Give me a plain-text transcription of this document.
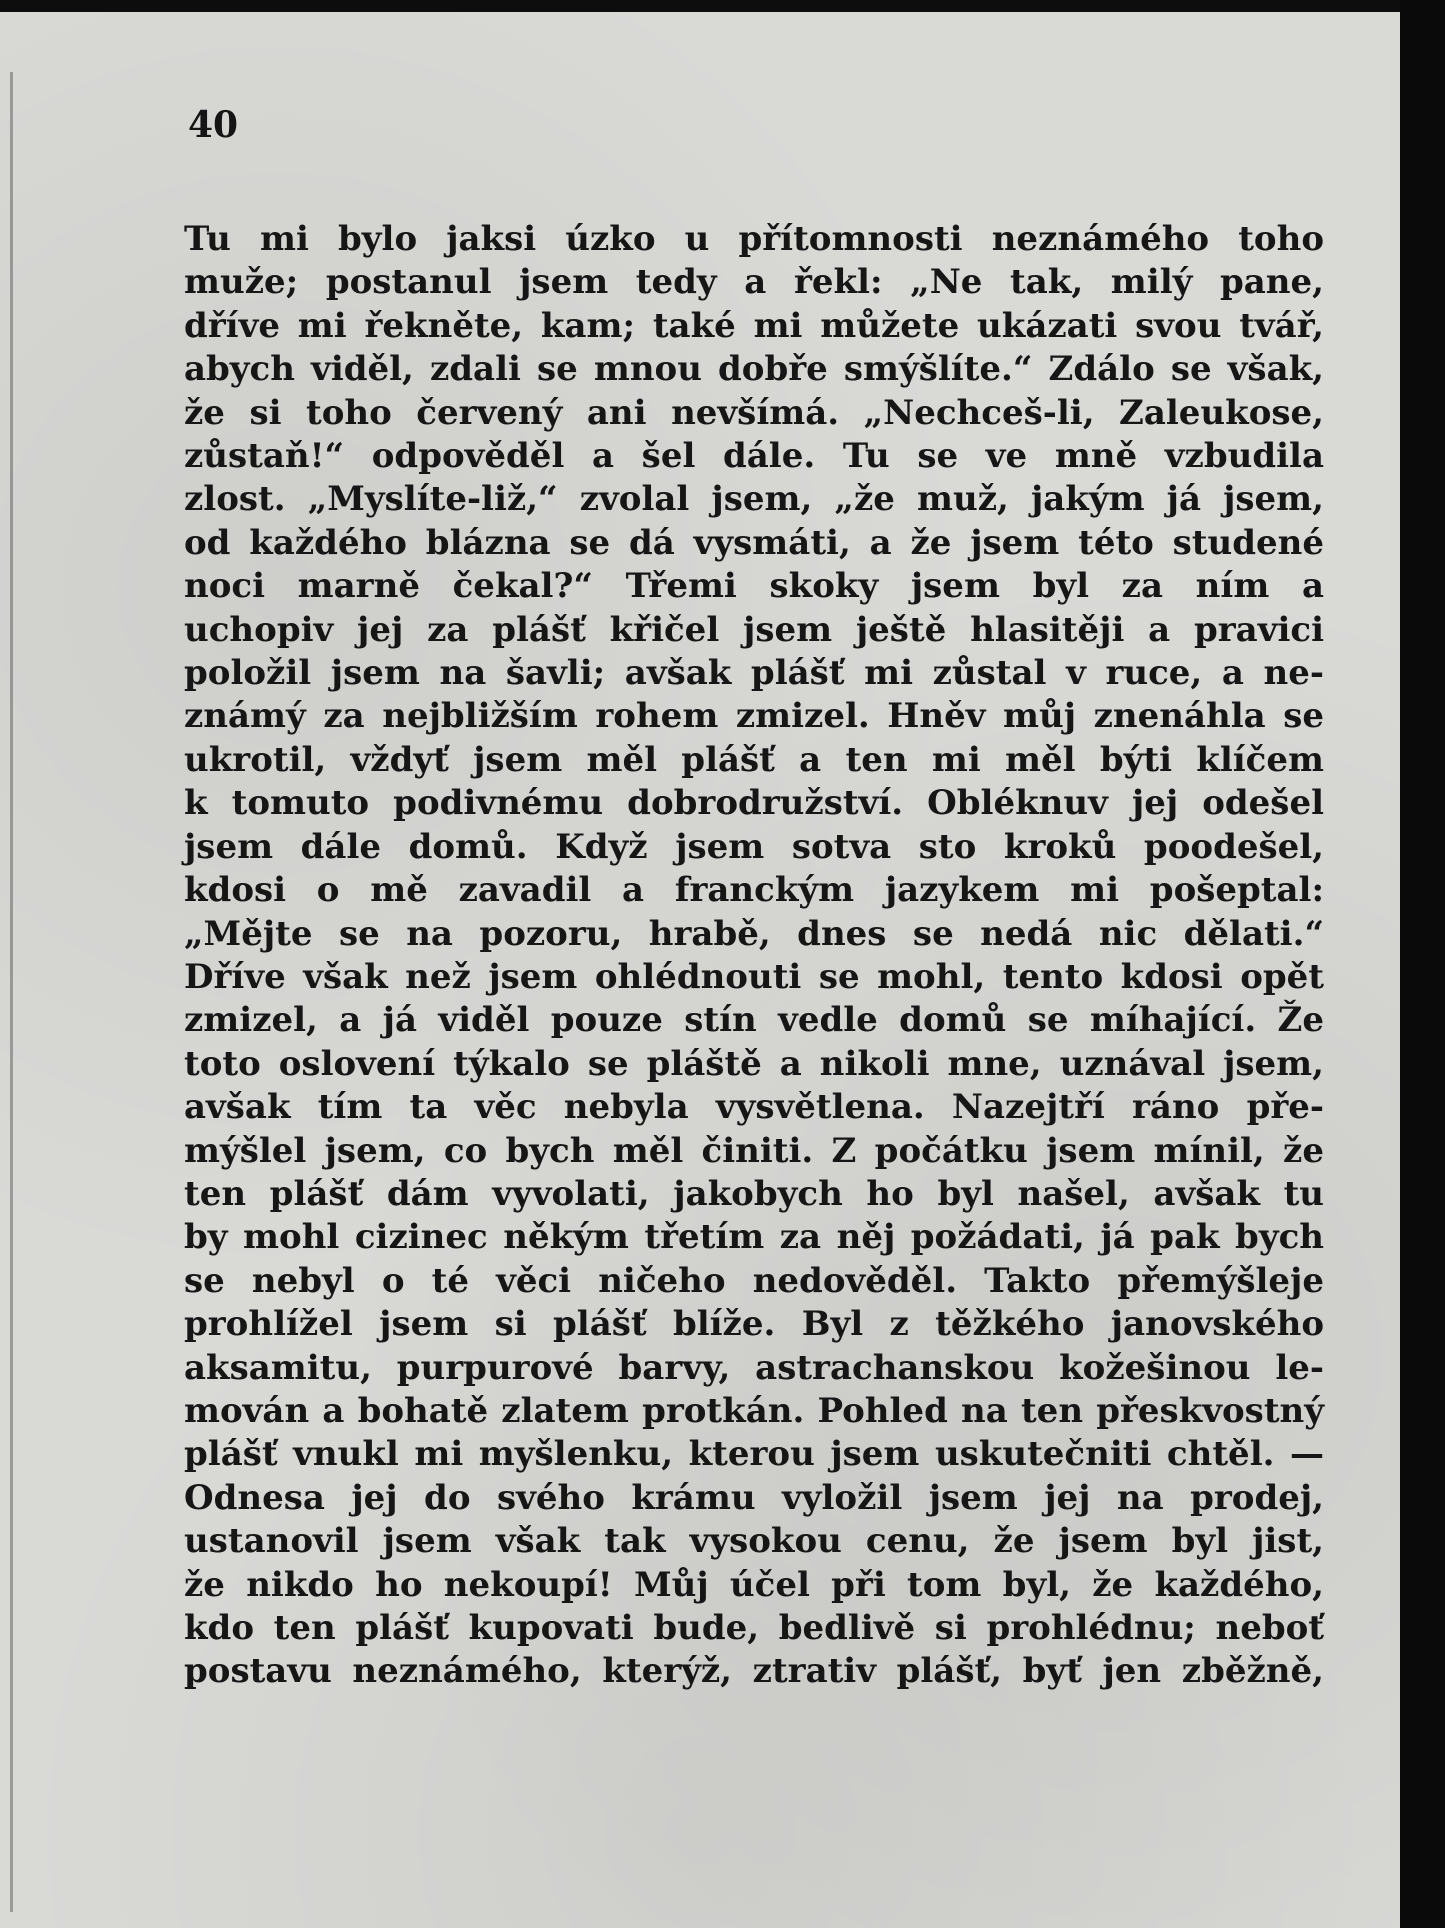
40

Tu mi bylo jaksi úzko u přítomnosti neznámého toho
muže; postanul jsem tedy a řekl: „Ne tak, milý pane,
dříve mi řekněte, kam; také mi můžete ukázati svou tvář,
abych viděl, zdali se mnou dobře smýšlíte.“ Zdálo se však,
že si toho červený ani nevšímá. „Nechceš-li, Zaleukose,
zůstaň!“ odpověděl a šel dále. Tu se ve mně vzbudila
zlost. „Myslíte-liž,“ zvolal jsem, „že muž, jakým já jsem,
od každého blázna se dá vysmáti, a že jsem této studené
noci marně čekal?“ Třemi skoky jsem byl za ním a
uchopiv jej za plášť křičel jsem ještě hlasitěji a pravici
položil jsem na šavli; avšak plášť mi zůstal v ruce, a ne-
známý za nejbližším rohem zmizel. Hněv můj znenáhla se
ukrotil, vždyť jsem měl plášť a ten mi měl býti klíčem
k tomuto podivnému dobrodružství. Obléknuv jej odešel
jsem dále domů. Když jsem sotva sto kroků poodešel,
kdosi o mě zavadil a franckým jazykem mi pošeptal:
„Mějte se na pozoru, hrabě, dnes se nedá nic dělati.“
Dříve však než jsem ohlédnouti se mohl, tento kdosi opět
zmizel, a já viděl pouze stín vedle domů se míhající. Že
toto oslovení týkalo se pláště a nikoli mne, uznával jsem,
avšak tím ta věc nebyla vysvětlena. Nazejtří ráno pře-
mýšlel jsem, co bych měl činiti. Z počátku jsem mínil, že
ten plášť dám vyvolati, jakobych ho byl našel, avšak tu
by mohl cizinec někým třetím za něj požádati, já pak bych
se nebyl o té věci ničeho nedověděl. Takto přemýšleje
prohlížel jsem si plášť blíže. Byl z těžkého janovského
aksamitu, purpurové barvy, astrachanskou kožešinou le-
mován a bohatě zlatem protkán. Pohled na ten přeskvostný
plášť vnukl mi myšlenku, kterou jsem uskutečniti chtěl. —
Odnesa jej do svého krámu vyložil jsem jej na prodej,
ustanovil jsem však tak vysokou cenu, že jsem byl jist,
že nikdo ho nekoupí! Můj účel při tom byl, že každého,
kdo ten plášť kupovati bude, bedlivě si prohlédnu; neboť
postavu neznámého, kterýž, ztrativ plášť, byť jen zběžně,
